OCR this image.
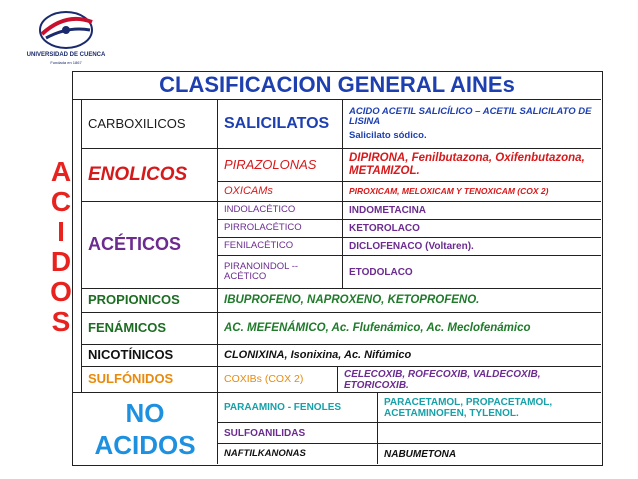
UNIVERSIDAD DE CUENCA
Fundada en 1867
CLASIFICACION GENERAL AINEs
A
C
I
D
O
S
CARBOXILICOS	SALICILATOS
ACIDO ACETIL SALICÍLICO – ACETIL SALICILATO DE LISINA
Salicilato sódico.
ENOLICOS	PIRAZOLONAS	DIPIRONA, Fenilbutazona, Oxifenbutazona, METAMIZOL.
OXICAMs	PIROXICAM, MELOXICAM Y TENOXICAM (COX 2)
ACÉTICOS
INDOLACÉTICO	INDOMETACINA
PIRROLACÉTICO	KETOROLACO
FENILACÉTICO	DICLOFENACO (Voltaren).
PIRANOINDOL -- ACÉTICO	ETODOLACO
PROPIONICOS	IBUPROFENO, NAPROXENO, KETOPROFENO.
FENÁMICOS	AC. MEFENÁMICO, Ac. Flufenámico, Ac. Meclofenámico
NICOTÍNICOS	CLONIXINA, Isonixina, Ac. Nifúmico
SULFÓNIDOS	COXIBs (COX 2)	CELECOXIB, ROFECOXIB, VALDECOXIB, ETORICOXIB.
NO
ACIDOS
PARAAMINO - FENOLES	PARACETAMOL, PROPACETAMOL, ACETAMINOFEN, TYLENOL.
SULFOANILIDAS
NAFTILKANONAS	NABUMETONA
